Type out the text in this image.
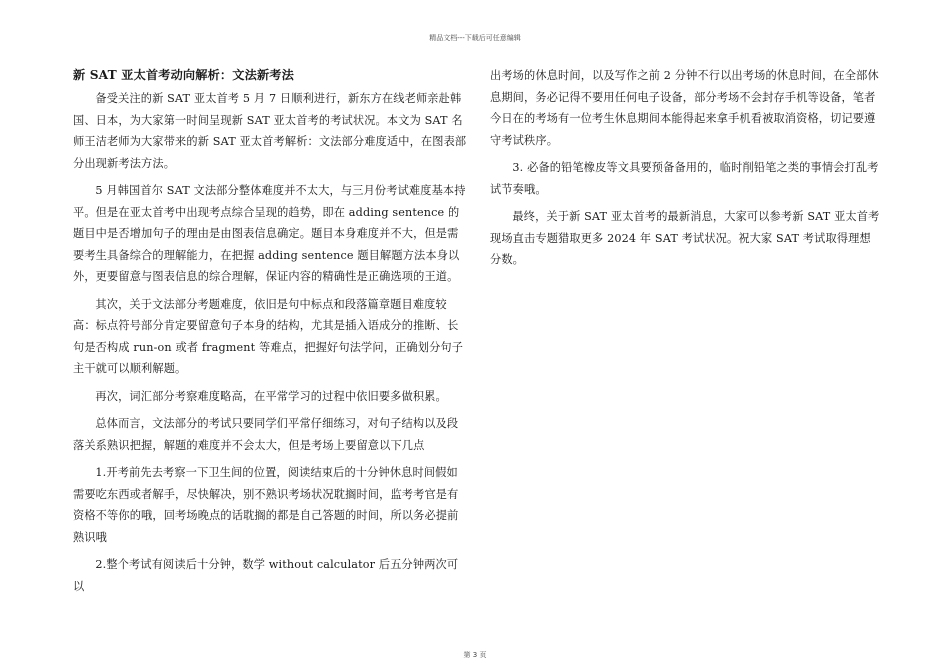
精品文档---下载后可任意编辑
新 SAT 亚太首考动向解析：文法新考法

备受关注的新 SAT 亚太首考 5 月 7 日顺利进行，新东方在线老师亲赴韩国、日本，为大家第一时间呈现新 SAT 亚太首考的考试状况。本文为 SAT 名师王洁老师为大家带来的新 SAT 亚太首考解析：文法部分难度适中，在图表部分出现新考法方法。

5 月韩国首尔 SAT 文法部分整体难度并不太大，与三月份考试难度基本持平。但是在亚太首考中出现考点综合呈现的趋势，即在 adding sentence 的题目中是否增加句子的理由是由图表信息确定。题目本身难度并不大，但是需要考生具备综合的理解能力，在把握 adding sentence 题目解题方法本身以外，更要留意与图表信息的综合理解，保证内容的精确性是正确选项的王道。

其次，关于文法部分考题难度，依旧是句中标点和段落篇章题目难度较高：标点符号部分肯定要留意句子本身的结构，尤其是插入语成分的推断、长句是否构成 run-on 或者 fragment 等难点，把握好句法学问，正确划分句子主干就可以顺利解题。

再次，词汇部分考察难度略高，在平常学习的过程中依旧要多做积累。

总体而言，文法部分的考试只要同学们平常仔细练习，对句子结构以及段落关系熟识把握，解题的难度并不会太大，但是考场上要留意以下几点

1.开考前先去考察一下卫生间的位置，阅读结束后的十分钟休息时间假如需要吃东西或者解手，尽快解决，别不熟识考场状况耽搁时间，监考考官是有资格不等你的哦，回考场晚点的话耽搁的都是自己答题的时间，所以务必提前熟识哦

2.整个考试有阅读后十分钟，数学 without calculator 后五分钟两次可以

出考场的休息时间，以及写作之前 2 分钟不行以出考场的休息时间，在全部休息期间，务必记得不要用任何电子设备，部分考场不会封存手机等设备，笔者今日在的考场有一位考生休息期间本能得起来拿手机看被取消资格，切记要遵守考试秩序。

3. 必备的铅笔橡皮等文具要预备备用的，临时削铅笔之类的事情会打乱考试节奏哦。

最终，关于新 SAT 亚太首考的最新消息，大家可以参考新 SAT 亚太首考现场直击专题猎取更多 2024 年 SAT 考试状况。祝大家 SAT 考试取得理想分数。

第 3 页
